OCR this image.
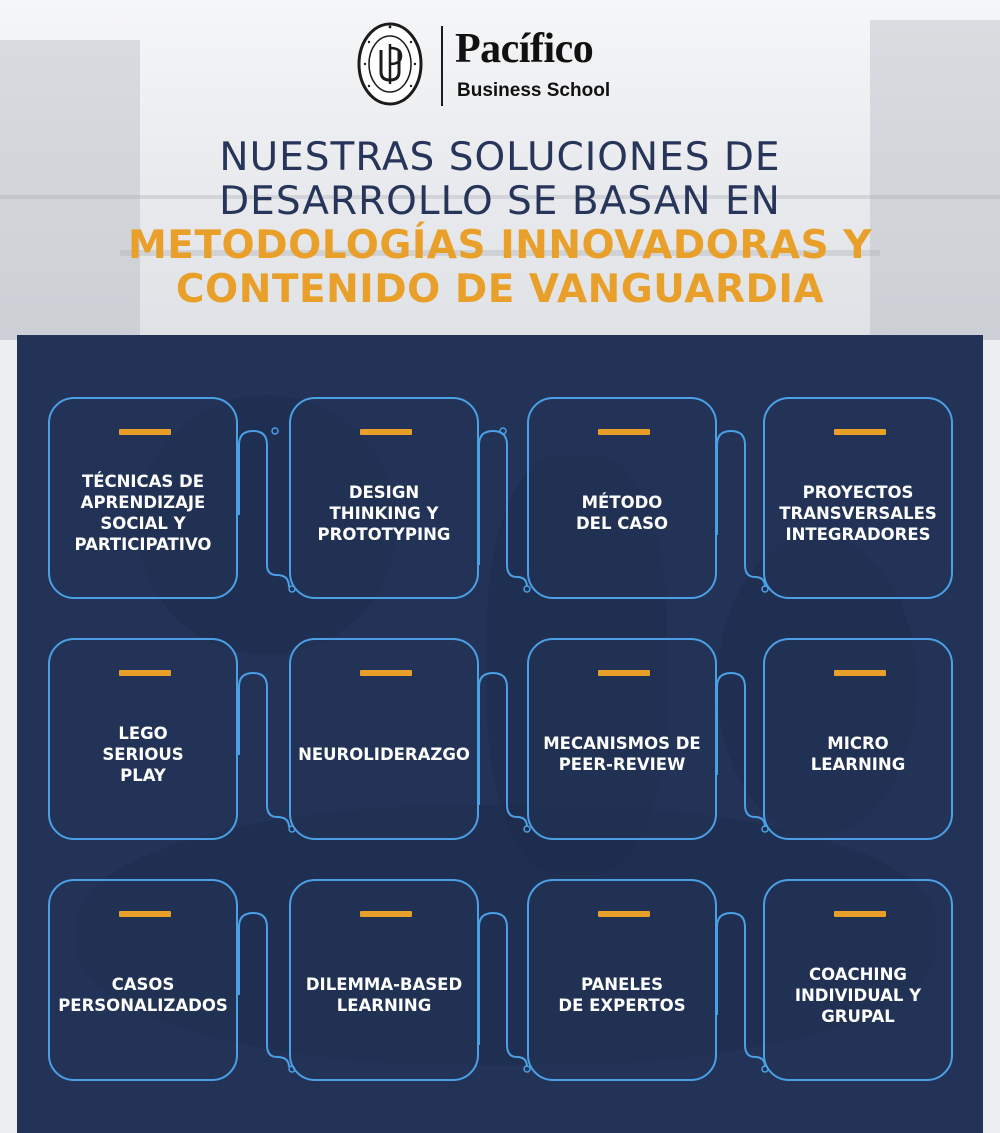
Pacífico
Business School
NUESTRAS SOLUCIONES DE
DESARROLLO SE BASAN EN
METODOLOGÍAS INNOVADORAS Y
CONTENIDO DE VANGUARDIA
TÉCNICAS DE
APRENDIZAJE
SOCIAL Y
PARTICIPATIVO
DESIGN
THINKING Y
PROTOTYPING
MÉTODO
DEL CASO
PROYECTOS
TRANSVERSALES
INTEGRADORES
LEGO
SERIOUS
PLAY
NEUROLIDERAZGO
MECANISMOS DE
PEER-REVIEW
MICRO
LEARNING
CASOS
PERSONALIZADOS
DILEMMA-BASED
LEARNING
PANELES
DE EXPERTOS
COACHING
INDIVIDUAL Y
GRUPAL
